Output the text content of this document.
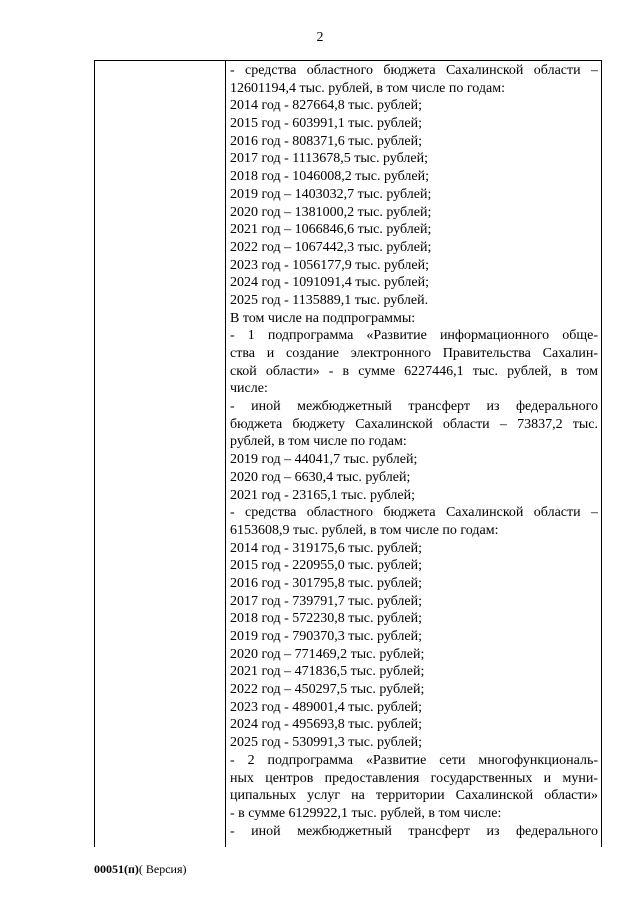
2
- средства областного бюджета Сахалинской области –
12601194,4 тыс. рублей, в том числе по годам:
2014 год - 827664,8 тыс. рублей;
2015 год - 603991,1 тыс. рублей;
2016 год - 808371,6 тыс. рублей;
2017 год - 1113678,5 тыс. рублей;
2018 год - 1046008,2 тыс. рублей;
2019 год – 1403032,7 тыс. рублей;
2020 год – 1381000,2 тыс. рублей;
2021 год – 1066846,6 тыс. рублей;
2022 год – 1067442,3 тыс. рублей;
2023 год - 1056177,9 тыс. рублей;
2024 год - 1091091,4 тыс. рублей;
2025 год - 1135889,1 тыс. рублей.
В том числе на подпрограммы:
- 1 подпрограмма «Развитие информационного обще-
ства и создание электронного Правительства Сахалин-
ской области» - в сумме 6227446,1 тыс. рублей, в том
числе:
- иной межбюджетный трансферт из федерального
бюджета бюджету Сахалинской области – 73837,2 тыс.
рублей, в том числе по годам:
2019 год – 44041,7 тыс. рублей;
2020 год – 6630,4 тыс. рублей;
2021 год - 23165,1 тыс. рублей;
- средства областного бюджета Сахалинской области –
6153608,9 тыс. рублей, в том числе по годам:
2014 год - 319175,6 тыс. рублей;
2015 год - 220955,0 тыс. рублей;
2016 год - 301795,8 тыс. рублей;
2017 год - 739791,7 тыс. рублей;
2018 год - 572230,8 тыс. рублей;
2019 год - 790370,3 тыс. рублей;
2020 год – 771469,2 тыс. рублей;
2021 год – 471836,5 тыс. рублей;
2022 год – 450297,5 тыс. рублей;
2023 год - 489001,4 тыс. рублей;
2024 год - 495693,8 тыс. рублей;
2025 год - 530991,3 тыс. рублей;
- 2 подпрограмма «Развитие сети многофункциональ-
ных центров предоставления государственных и муни-
ципальных услуг на территории Сахалинской области»
- в сумме 6129922,1 тыс. рублей, в том числе:
- иной межбюджетный трансферт из федерального
00051(п)( Версия)
